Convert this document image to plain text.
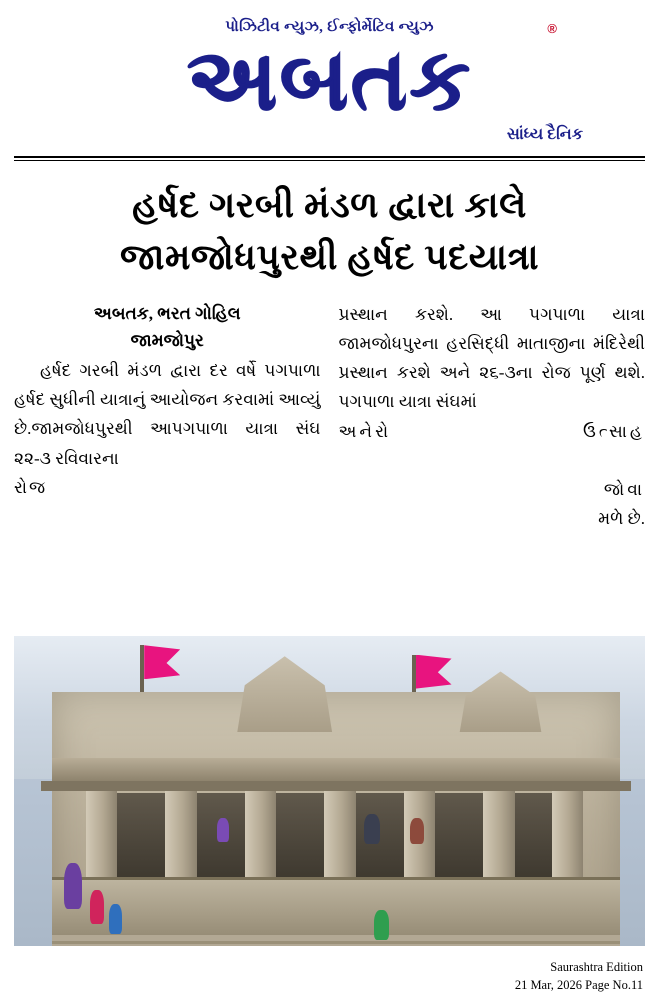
પોઝિટીવ ન્યુઝ, ઈન્ફોર્મેટિવ ન્યુઝ
અબતક
®
સાંધ્ય દૈનિક
હર્ષદ ગરબી મંડળ દ્વારા કાલે
જામજોધપુરથી હર્ષદ પદયાત્રા
અબતક, ભરત ગોહિલ
જામજોપુર
હર્ષદ ગરબી મંડળ દ્વારા દર વર્ષે પગપાળા હર્ષદ સુધીની યાત્રાનું આયોજન કરવામાં આવ્યું છે.જામજોધપુરથી આપગપાળા યાત્રા સંઘ ૨૨-૩ રવિવારના
રોજ
પ્રસ્થાન કરશે. આ પગપાળા યાત્રા જામજોધપુરના હરસિદ્ધી માતાજીના મંદિરેથી પ્રસ્થાન કરશે અને ૨૬-૩ના રોજ પૂર્ણ થશે. પગપાળા યાત્રા સંઘમાં
અનેરો	ઉત્સાહ
જોવા
મળે છે.
Saurashtra Edition
21 Mar, 2026 Page No.11
